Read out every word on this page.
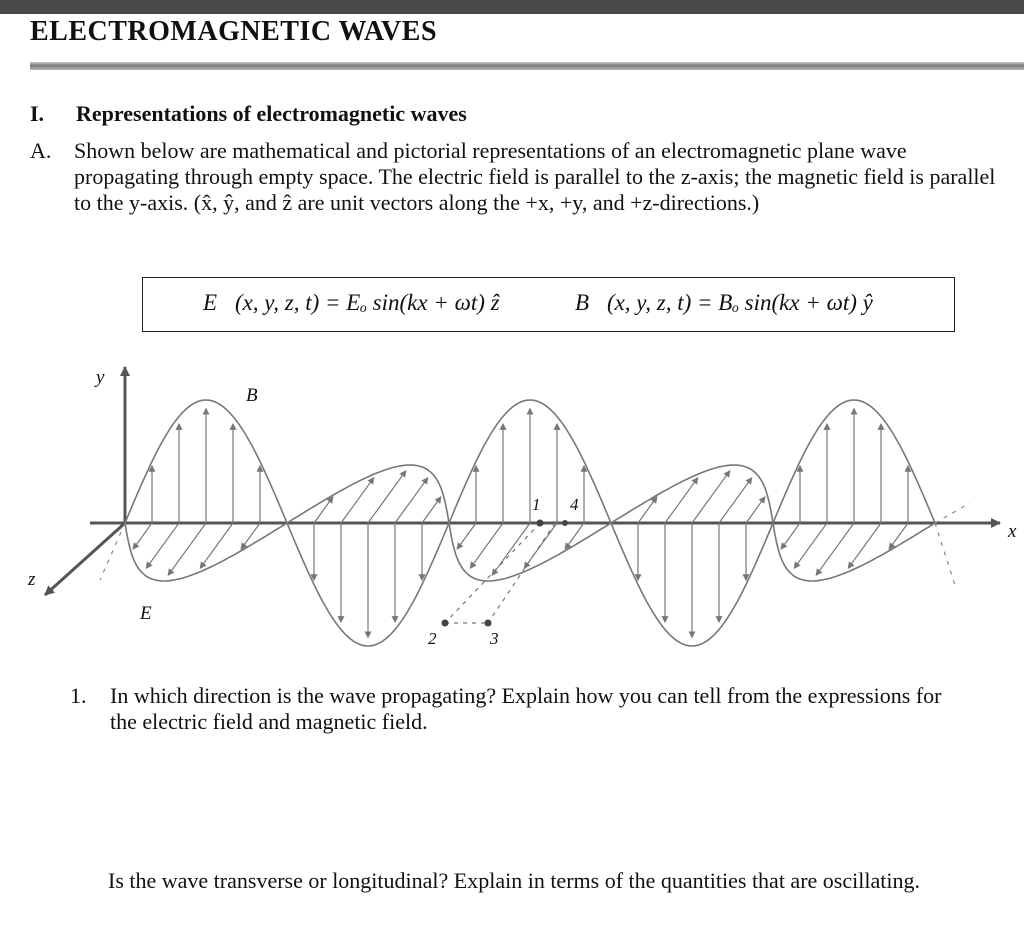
ELECTROMAGNETIC WAVES
I. Representations of electromagnetic waves
A. Shown below are mathematical and pictorial representations of an electromagnetic plane wave propagating through empty space. The electric field is parallel to the z-axis; the magnetic field is parallel to the y-axis. (x̂, ŷ, and ẑ are unit vectors along the +x, +y, and +z-directions.)
E⃗(x, y, z, t) = Eₒ sin(kx + ωt) ẑ	B⃗(x, y, z, t) = Bₒ sin(kx + ωt) ŷ
y
z
x
B⃗
E⃗
1 4
2	3
1. In which direction is the wave propagating? Explain how you can tell from the expressions for the electric field and magnetic field.
Is the wave transverse or longitudinal? Explain in terms of the quantities that are oscillating.
